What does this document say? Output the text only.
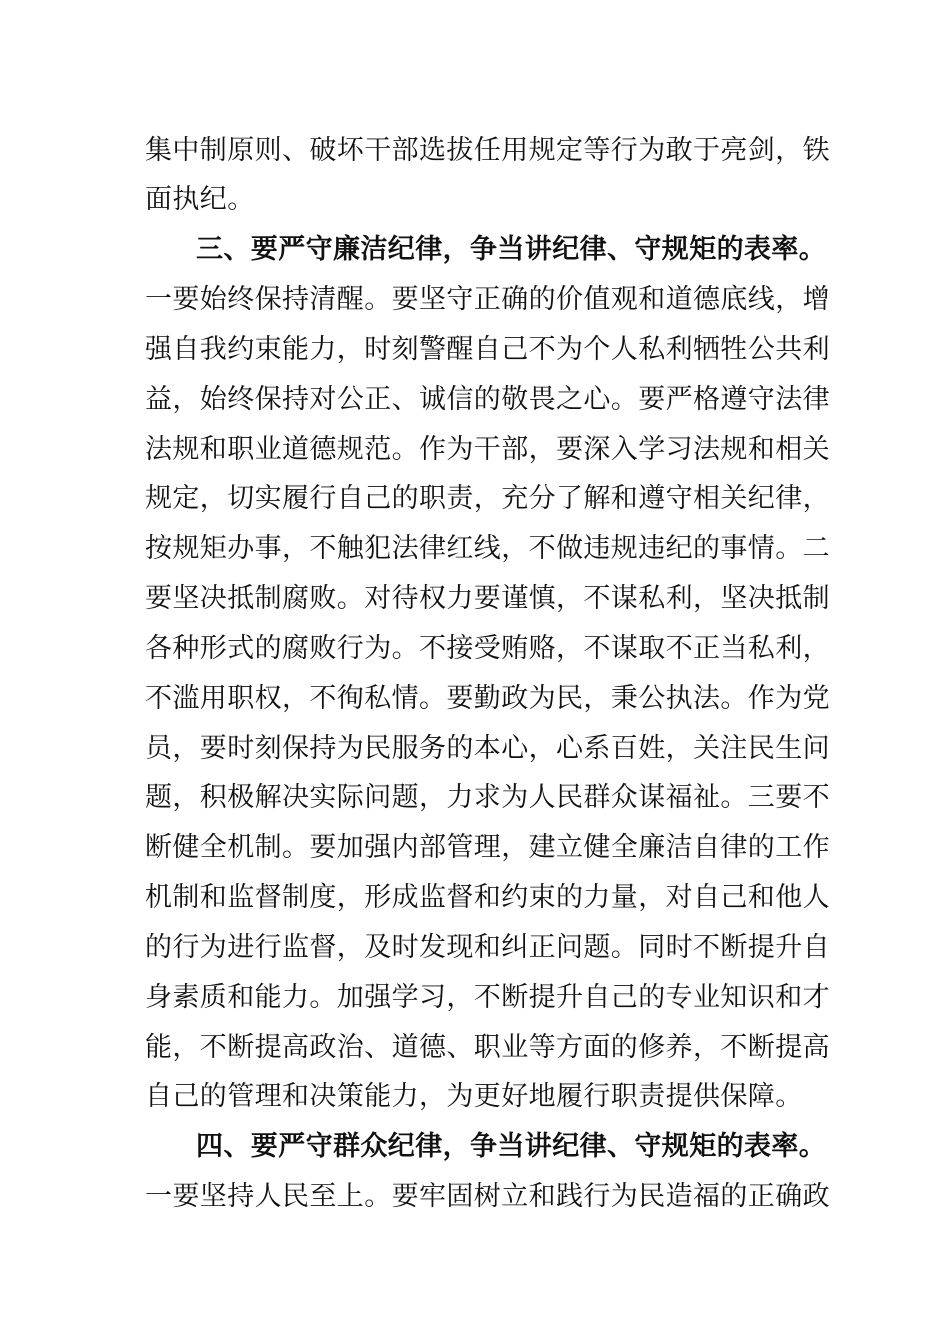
集中制原则、破坏干部选拔任用规定等行为敢于亮剑，铁
面执纪。
三、要严守廉洁纪律，争当讲纪律、守规矩的表率。
一要始终保持清醒。要坚守正确的价值观和道德底线，增
强自我约束能力，时刻警醒自己不为个人私利牺牲公共利
益，始终保持对公正、诚信的敬畏之心。要严格遵守法律
法规和职业道德规范。作为干部，要深入学习法规和相关
规定，切实履行自己的职责，充分了解和遵守相关纪律，
按规矩办事，不触犯法律红线，不做违规违纪的事情。二
要坚决抵制腐败。对待权力要谨慎，不谋私利，坚决抵制
各种形式的腐败行为。不接受贿赂，不谋取不正当私利，
不滥用职权，不徇私情。要勤政为民，秉公执法。作为党
员，要时刻保持为民服务的本心，心系百姓，关注民生问
题，积极解决实际问题，力求为人民群众谋福祉。三要不
断健全机制。要加强内部管理，建立健全廉洁自律的工作
机制和监督制度，形成监督和约束的力量，对自己和他人
的行为进行监督，及时发现和纠正问题。同时不断提升自
身素质和能力。加强学习，不断提升自己的专业知识和才
能，不断提高政治、道德、职业等方面的修养，不断提高
自己的管理和决策能力，为更好地履行职责提供保障。
四、要严守群众纪律，争当讲纪律、守规矩的表率。
一要坚持人民至上。要牢固树立和践行为民造福的正确政
